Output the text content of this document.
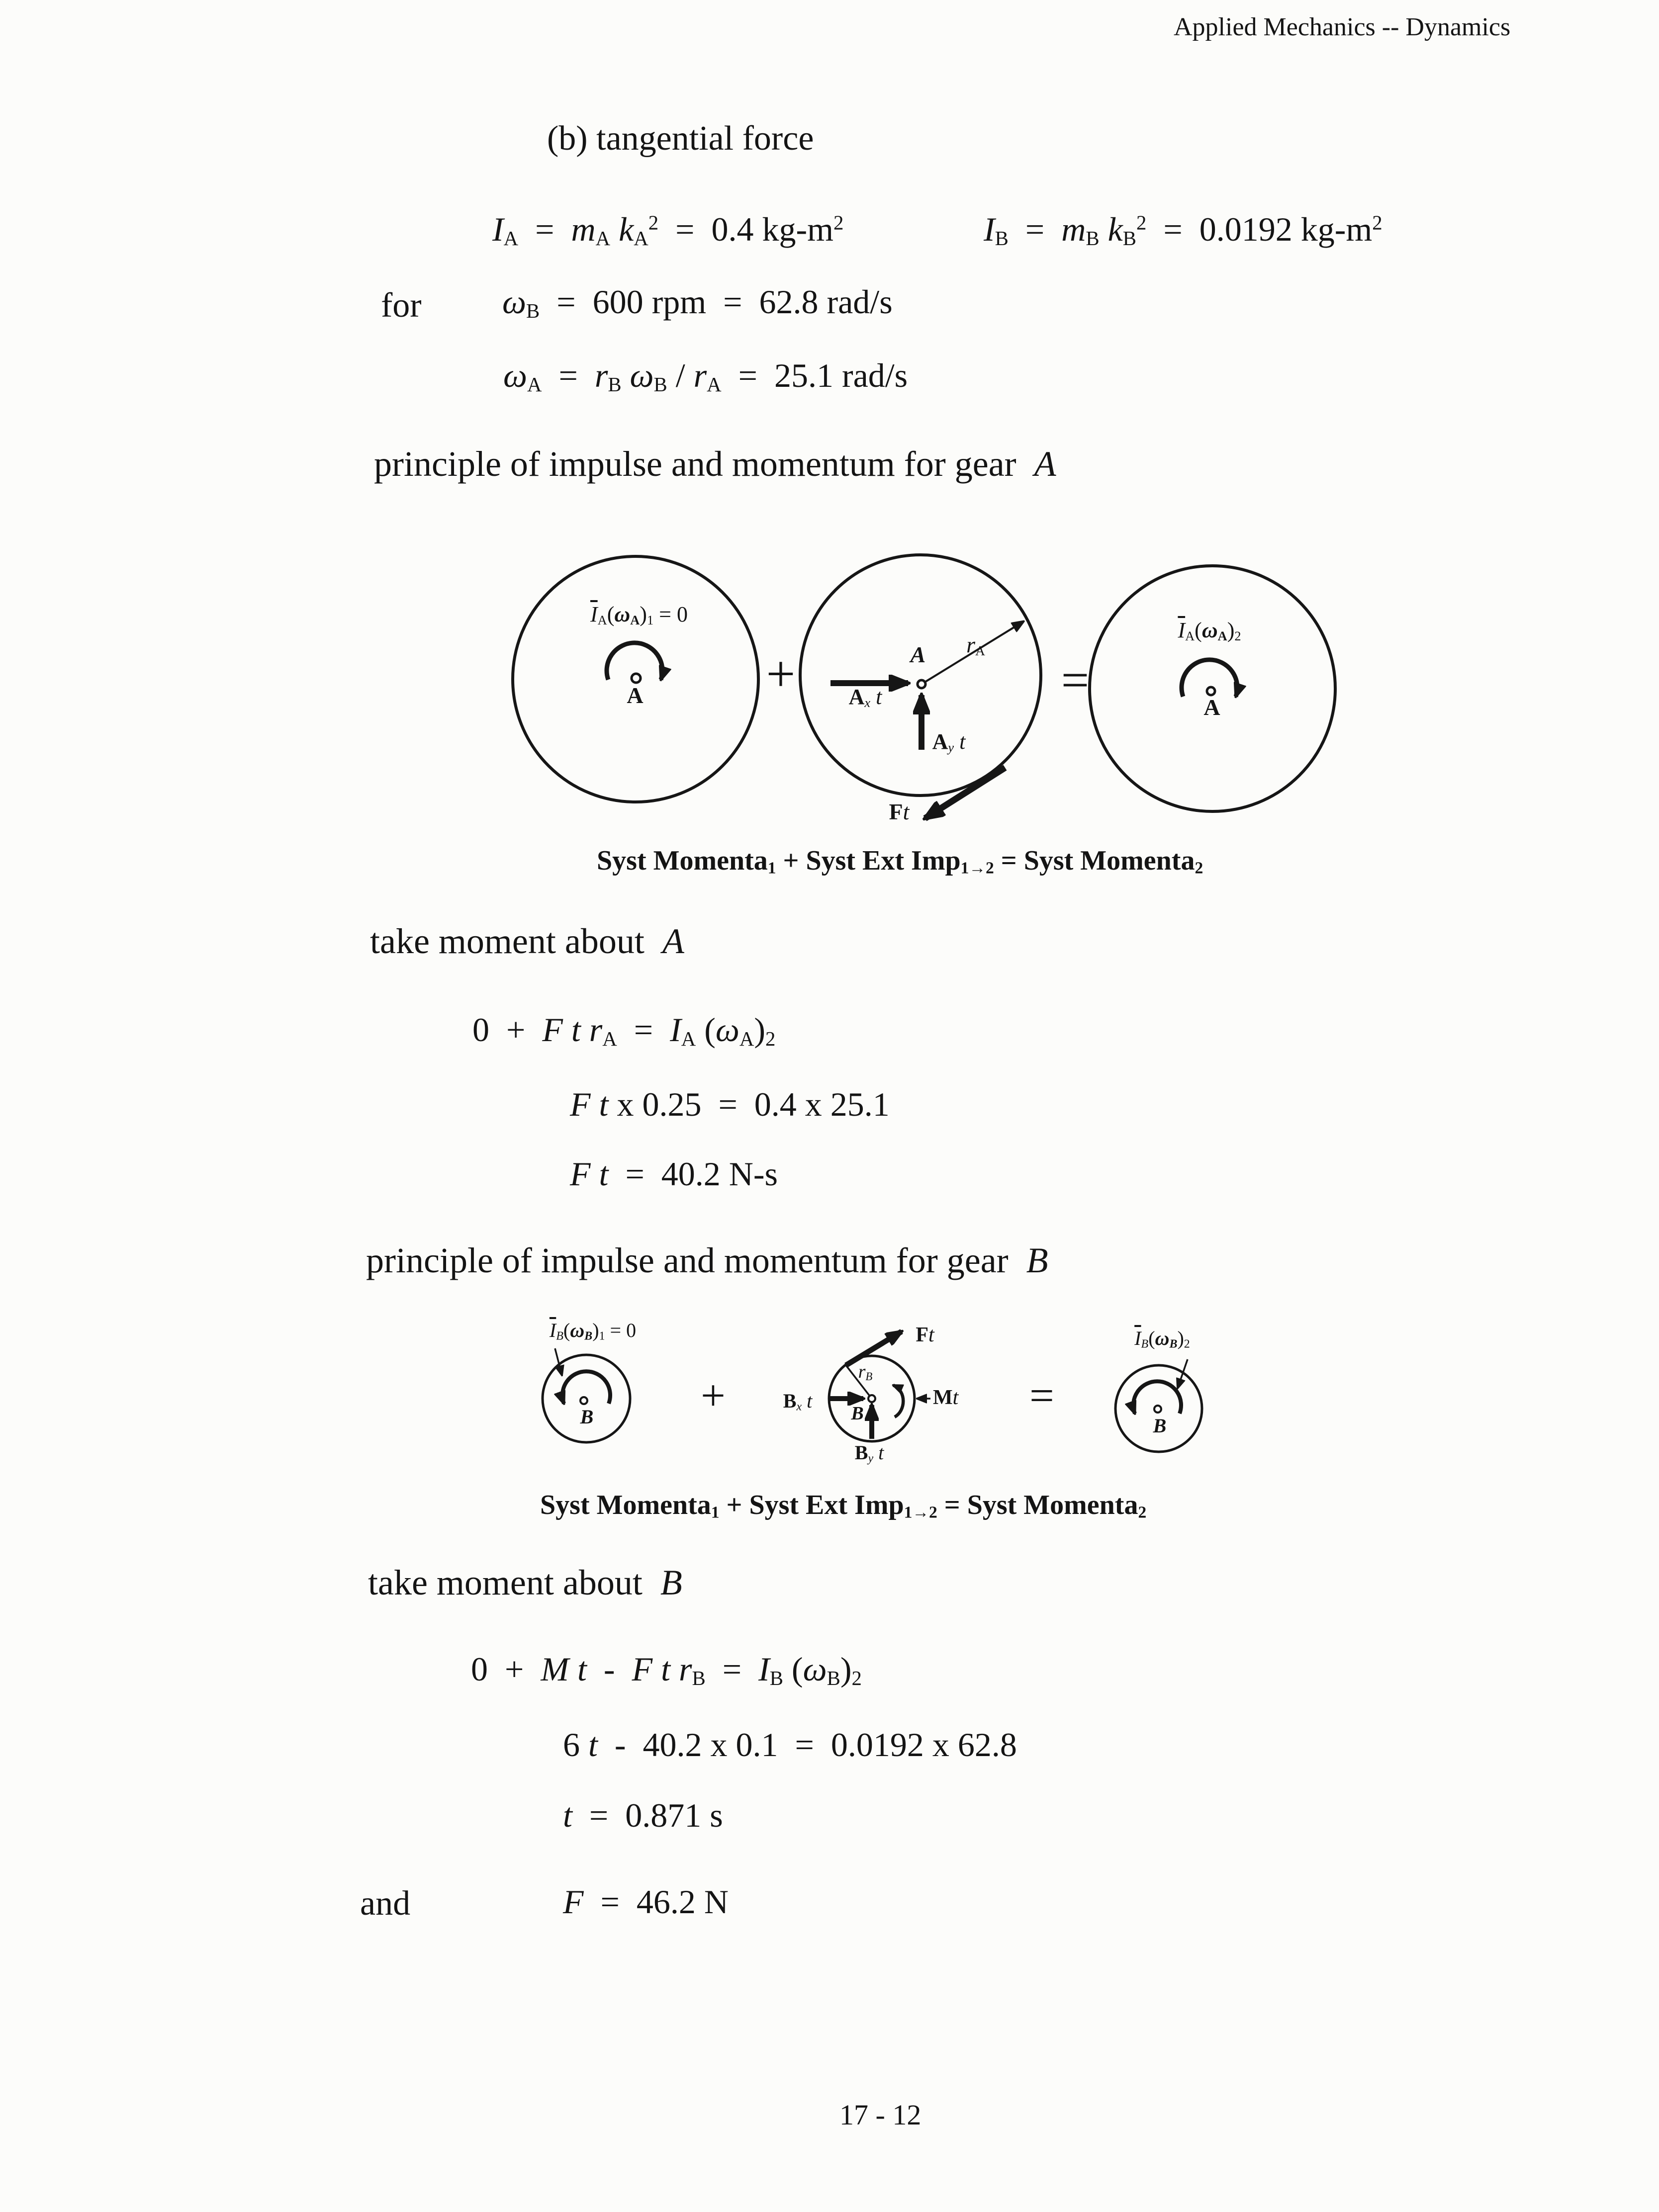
Applied Mechanics -- Dynamics
(b) tangential force
IA  =  mA $kA^2 = 0.4$ $kg-m^2$	IB  =  mB $kB^2 = 0.0192$ $kg-m^2$
for ωB  =  600 rpm  =  62.8 rad/s
ωA  =  rB ωB / rA  =  25.1 rad/s
principle of impulse and momentum for gear  A
$\overline{I}A(\omega A)1 = 0$
A +	A
Ax t
Ay t
rA
Ft
=
$\overline{I}A(\omega A)2$
A
Syst Momenta1 + Syst Ext Imp1→2 = Syst Momenta2
take moment about  A
0  +  F t rA  =  IA (ωA)2
F t x 0.25  =  0.4 x 25.1
F t  =  40.2 N-s
principle of impulse and momentum for gear  B
$\overline{I}B(\omega B)1 = 0$
B +	Bx t
Ft
rB
B
By t
Mt =
$\overline{I}B(\omega B)2$
B
Syst Momenta1 + Syst Ext Imp1→2 = Syst Momenta2
take moment about  B
0  +  M t  -  F t rB  =  IB (ωB)2
6 t  -  40.2 x 0.1  =  0.0192 x 62.8
t  =  0.871 s
and	F  =  46.2 N
17 - 12
